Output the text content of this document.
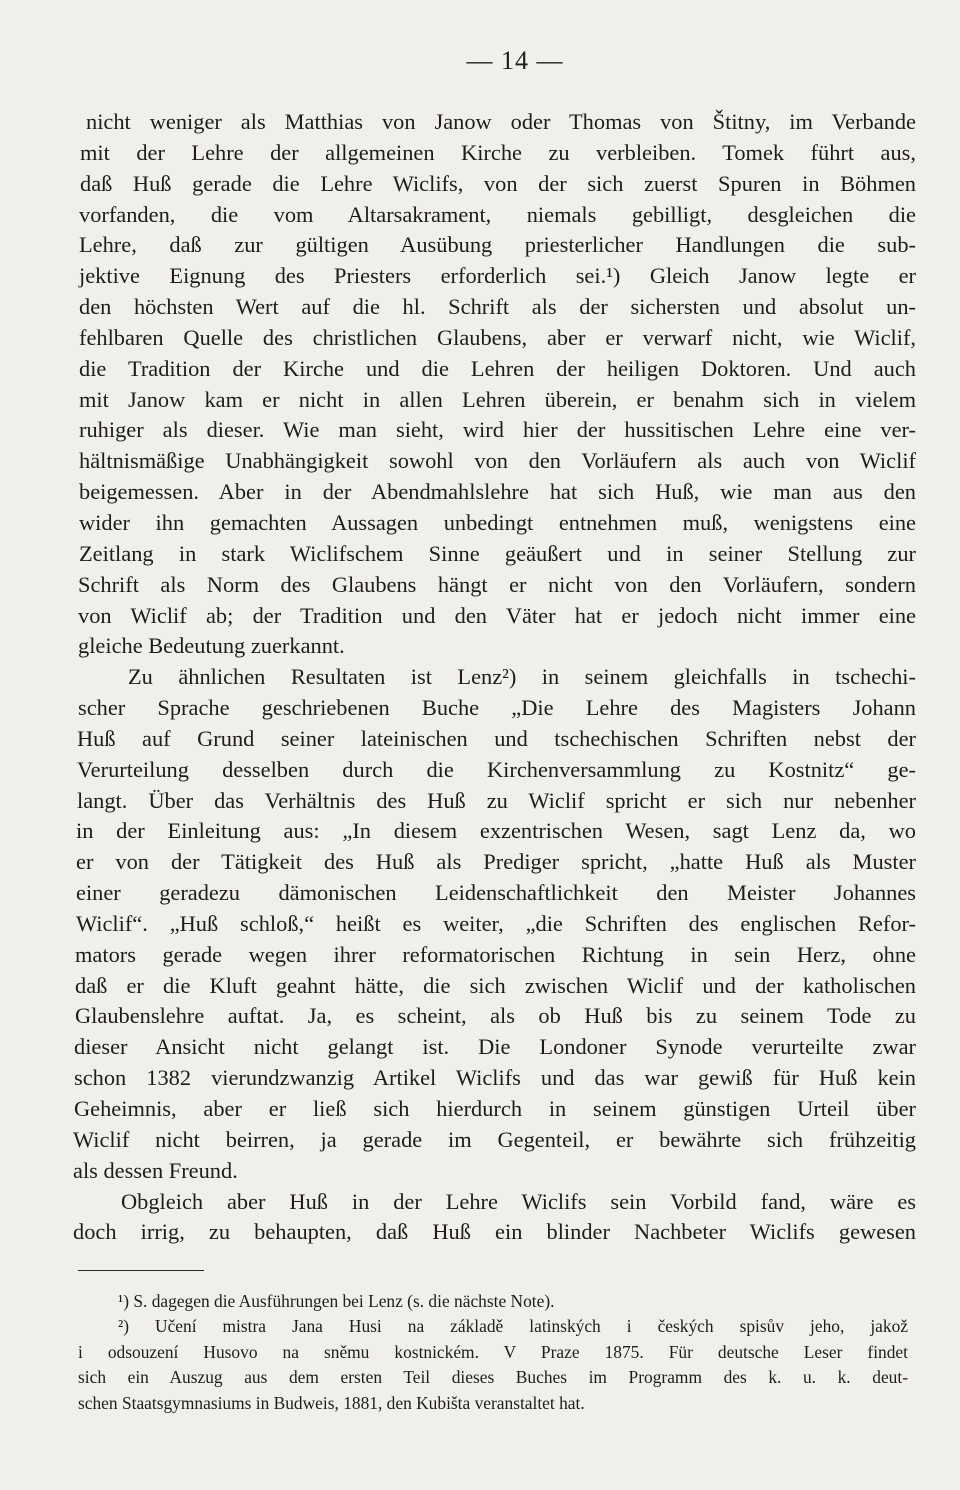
— 14 —
nicht weniger als Matthias von Janow oder Thomas von Štitny, im Verbande
mit der Lehre der allgemeinen Kirche zu verbleiben. Tomek führt aus,
daß Huß gerade die Lehre Wiclifs, von der sich zuerst Spuren in Böhmen
vorfanden, die vom Altarsakrament, niemals gebilligt, desgleichen die
Lehre, daß zur gültigen Ausübung priesterlicher Handlungen die sub-
jektive Eignung des Priesters erforderlich sei.¹) Gleich Janow legte er
den höchsten Wert auf die hl. Schrift als der sichersten und absolut un-
fehlbaren Quelle des christlichen Glaubens, aber er verwarf nicht, wie Wiclif,
die Tradition der Kirche und die Lehren der heiligen Doktoren. Und auch
mit Janow kam er nicht in allen Lehren überein, er benahm sich in vielem
ruhiger als dieser. Wie man sieht, wird hier der hussitischen Lehre eine ver-
hältnismäßige Unabhängigkeit sowohl von den Vorläufern als auch von Wiclif
beigemessen. Aber in der Abendmahlslehre hat sich Huß, wie man aus den
wider ihn gemachten Aussagen unbedingt entnehmen muß, wenigstens eine
Zeitlang in stark Wiclifschem Sinne geäußert und in seiner Stellung zur
Schrift als Norm des Glaubens hängt er nicht von den Vorläufern, sondern
von Wiclif ab; der Tradition und den Väter hat er jedoch nicht immer eine
gleiche Bedeutung zuerkannt.
Zu ähnlichen Resultaten ist Lenz²) in seinem gleichfalls in tschechi-
scher Sprache geschriebenen Buche „Die Lehre des Magisters Johann
Huß auf Grund seiner lateinischen und tschechischen Schriften nebst der
Verurteilung desselben durch die Kirchenversammlung zu Kostnitz“ ge-
langt. Über das Verhältnis des Huß zu Wiclif spricht er sich nur nebenher
in der Einleitung aus: „In diesem exzentrischen Wesen, sagt Lenz da, wo
er von der Tätigkeit des Huß als Prediger spricht, „hatte Huß als Muster
einer geradezu dämonischen Leidenschaftlichkeit den Meister Johannes
Wiclif“. „Huß schloß,“ heißt es weiter, „die Schriften des englischen Refor-
mators gerade wegen ihrer reformatorischen Richtung in sein Herz, ohne
daß er die Kluft geahnt hätte, die sich zwischen Wiclif und der katholischen
Glaubenslehre auftat. Ja, es scheint, als ob Huß bis zu seinem Tode zu
dieser Ansicht nicht gelangt ist. Die Londoner Synode verurteilte zwar
schon 1382 vierundzwanzig Artikel Wiclifs und das war gewiß für Huß kein
Geheimnis, aber er ließ sich hierdurch in seinem günstigen Urteil über
Wiclif nicht beirren, ja gerade im Gegenteil, er bewährte sich frühzeitig
als dessen Freund.
Obgleich aber Huß in der Lehre Wiclifs sein Vorbild fand, wäre es
doch irrig, zu behaupten, daß Huß ein blinder Nachbeter Wiclifs gewesen
¹) S. dagegen die Ausführungen bei Lenz (s. die nächste Note).
²) Učení mistra Jana Husi na základě latinských i českých spisův jeho, jakož
i odsouzení Husovo na sněmu kostnickém. V Praze 1875. Für deutsche Leser findet
sich ein Auszug aus dem ersten Teil dieses Buches im Programm des k. u. k. deut-
schen Staatsgymnasiums in Budweis, 1881, den Kubišta veranstaltet hat.
